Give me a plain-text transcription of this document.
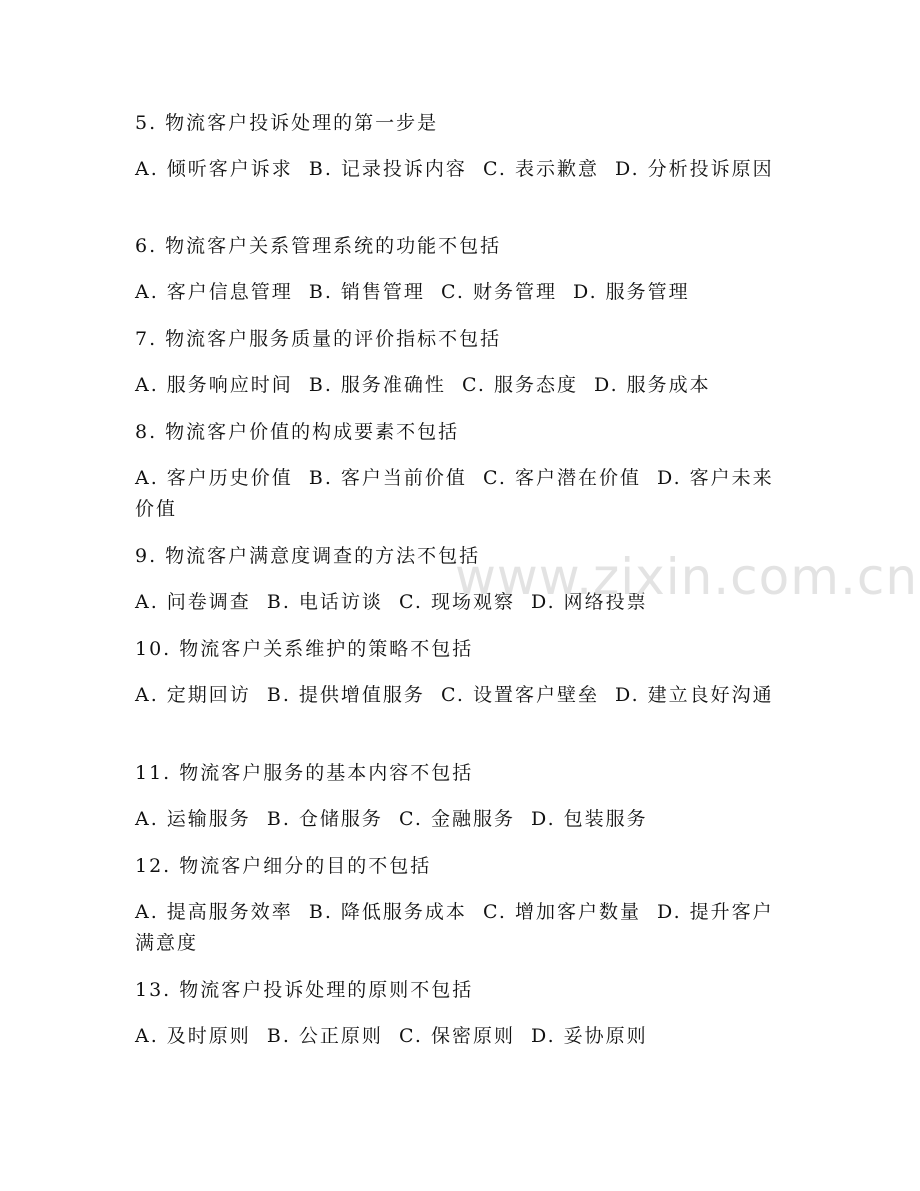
5. 物流客户投诉处理的第一步是
A. 倾听客户诉求  B. 记录投诉内容  C. 表示歉意  D. 分析投诉原因
6. 物流客户关系管理系统的功能不包括
A. 客户信息管理  B. 销售管理  C. 财务管理  D. 服务管理
7. 物流客户服务质量的评价指标不包括
A. 服务响应时间  B. 服务准确性  C. 服务态度  D. 服务成本
8. 物流客户价值的构成要素不包括
A. 客户历史价值  B. 客户当前价值  C. 客户潜在价值  D. 客户未来价值
9. 物流客户满意度调查的方法不包括
A. 问卷调查  B. 电话访谈  C. 现场观察  D. 网络投票
10. 物流客户关系维护的策略不包括
A. 定期回访  B. 提供增值服务  C. 设置客户壁垒  D. 建立良好沟通
11. 物流客户服务的基本内容不包括
A. 运输服务  B. 仓储服务  C. 金融服务  D. 包装服务
12. 物流客户细分的目的不包括
A. 提高服务效率  B. 降低服务成本  C. 增加客户数量  D. 提升客户满意度
13. 物流客户投诉处理的原则不包括
A. 及时原则  B. 公正原则  C. 保密原则  D. 妥协原则
www.zixin.com.cn
